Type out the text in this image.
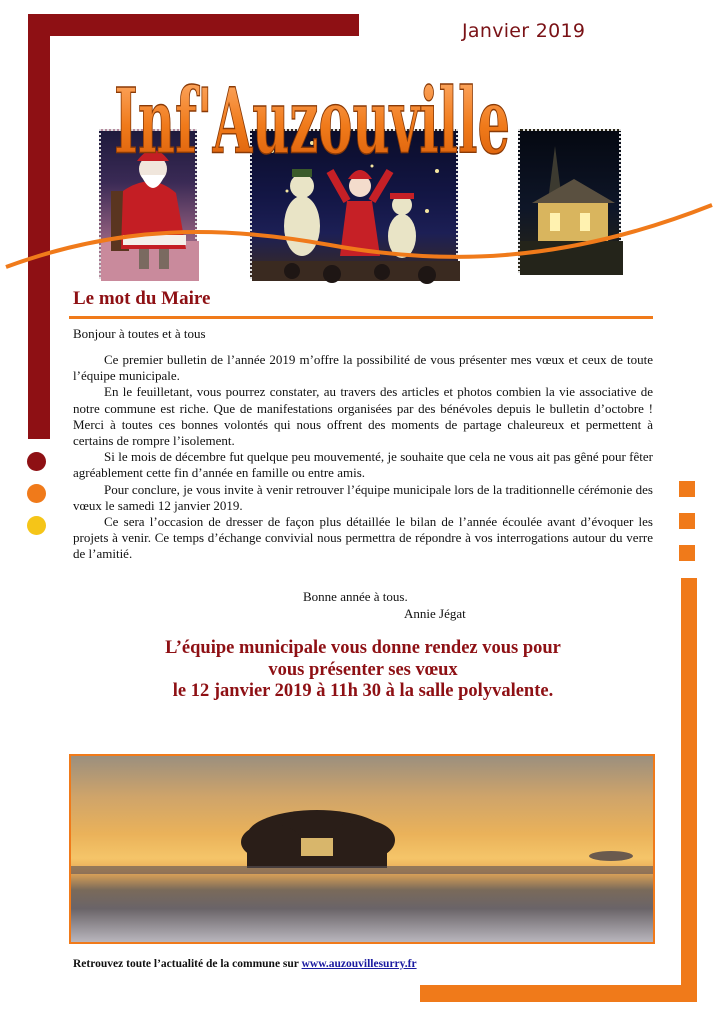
Janvier 2019
Inf'Auzouville
Le mot du Maire
Bonjour à toutes et à tous

Ce premier bulletin de l’année 2019 m’offre la possibilité de vous présenter mes vœux et ceux de toute l’équipe municipale.

En le feuilletant, vous pourrez constater, au travers des articles et photos combien la vie associative de notre commune est riche. Que de manifestations organisées par des bénévoles depuis le bulletin d’octobre ! Merci à toutes ces bonnes volontés qui nous offrent des moments de partage chaleureux et permettent à certains de rompre l’isolement.

Si le mois de décembre fut quelque peu mouvementé, je souhaite que cela ne vous ait pas gêné pour fêter agréablement cette fin d’année en famille ou entre amis.

Pour conclure, je vous invite à venir retrouver l’équipe municipale lors de la traditionnelle cérémonie des vœux le samedi 12 janvier 2019.

Ce sera l’occasion de dresser de façon plus détaillée le bilan de l’année écoulée avant d’évoquer les projets à venir. Ce temps d’échange convivial nous permettra de répondre à vos interrogations autour du verre de l’amitié.

Bonne année à tous.
Annie Jégat
L’équipe municipale vous donne rendez vous pour
vous présenter ses vœux
le 12 janvier 2019 à 11h 30 à la salle polyvalente.
Retrouvez toute l’actualité de la commune sur www.auzouvillesurry.fr
